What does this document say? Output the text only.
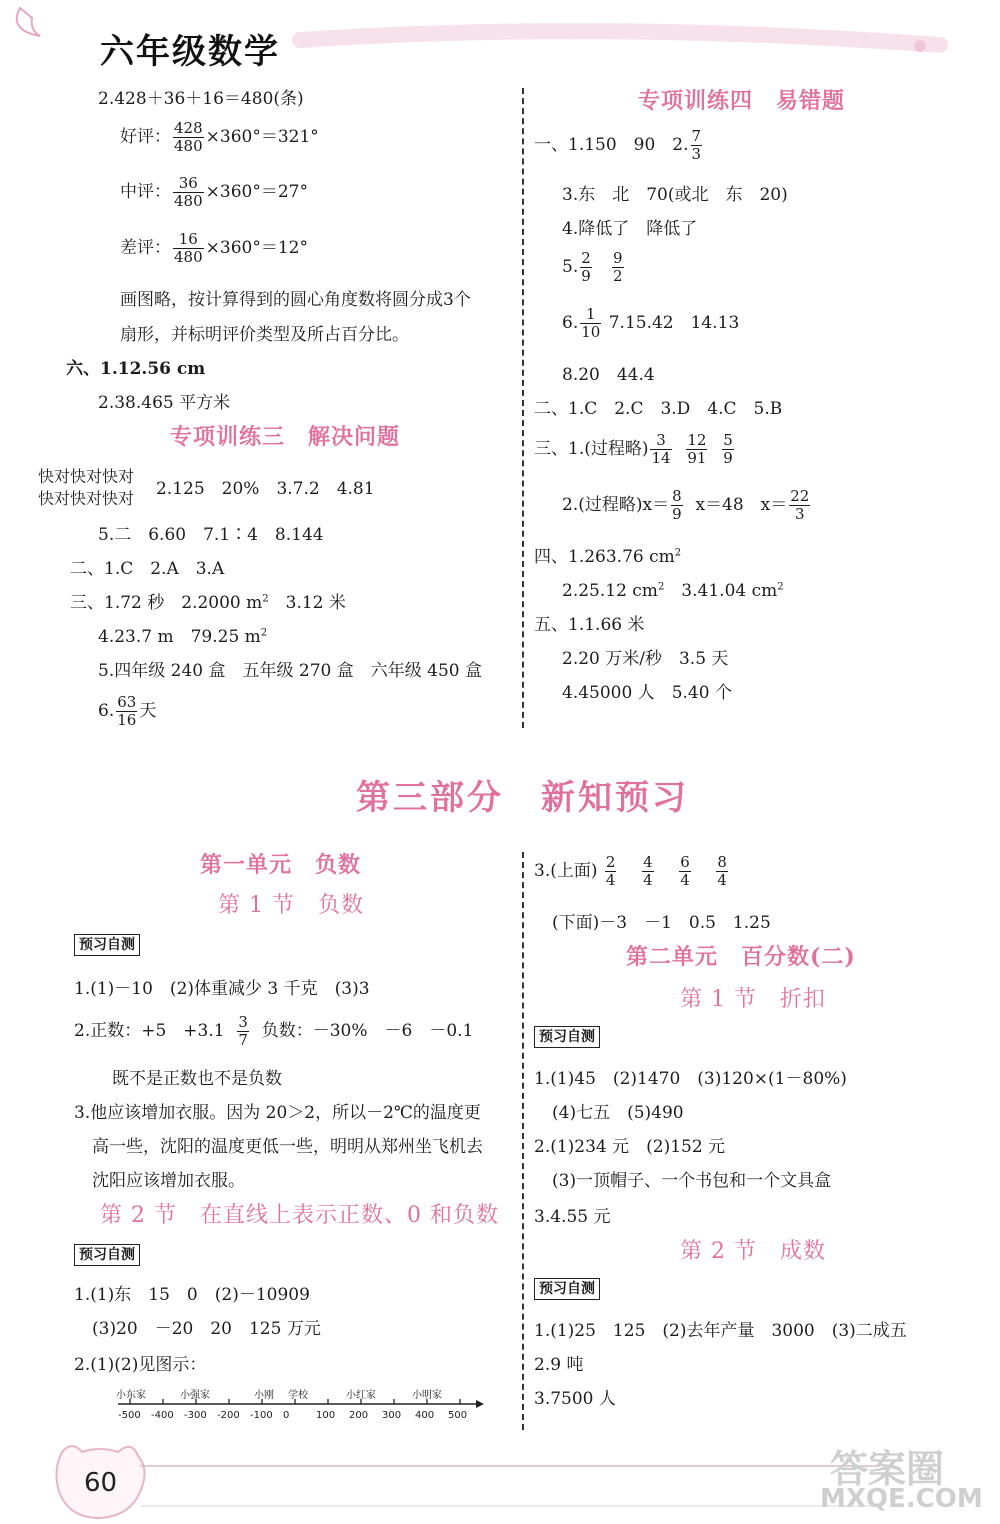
六年级数学
2.428＋36＋16＝480(条)
好评： $\frac{428}{480} \times 360^\circ=321^\circ$
中评： $\frac{36}{480} \times 360^\circ=27^\circ$
差评： $\frac{16}{480} \times 360^\circ=12^\circ$
画图略，按计算得到的圆心角度数将圆分成3个
扇形，并标明评价类型及所占百分比。
六、1.12.56 cm
2.38.465 平方米
专项训练三　解决问题
快对快对快对
快对快对快对 2.125　20%　3.7.2　4.81
5.二　6.60　7.1∶4　8.144
二、1.C　2.A　3.A
三、1.72 秒　2.2000 $m^2$　3.12 米
4.23.7 m　79.25 $m^2$
5.四年级 240 盒　五年级 270 盒　六年级 450 盒
6. $\frac{63}{16}$ 天
专项训练四　易错题
一、1.150　90　2. $\frac{7}{3}$
3.东　北　70(或北　东　20)
4.降低了　降低了
5. $\frac{2}{9}$
$\frac{9}{2}$
6. $\frac{1}{10} 7.15.42$　14.13
8.20　44.4
二、1.C　2.C　3.D　4.C　5.B
三、1.(过程略) $\frac{3}{14}$
$\frac{12}{91}$
$\frac{5}{9}$
2.(过程略)$x= \frac{8}{9} x=48$　$x= \frac{22}{3}$
四、1.263.76 $cm^2$
2.25.12 $cm^2$　3.41.04 $cm^2$
五、1.1.66 米
2.20 万米/秒　3.5 天
4.45000 人　5.40 个
第三部分　新知预习
第一单元　负数
第 1 节　负数
预习自测
1.(1)－10　(2)体重减少 3 千克　(3)3
2.正数：+5　$+3.1 \frac{3}{7}$ 负数：－30%　－6　－0.1
既不是正数也不是负数
3.他应该增加衣服。因为 20＞2，所以－2℃的温度更
高一些，沈阳的温度更低一些，明明从郑州坐飞机去
沈阳应该增加衣服。
第 2 节　在直线上表示正数、0 和负数
预习自测
1.(1)东　15　0　(2)－10909
(3)20　－20　20　125 万元
2.(1)(2)见图示：
小东家	小强家	小刚 学校	小红家	小明家
-500 -400 -300 -200 -100 0	100 200 300 400 500
3.(上面) $\frac{2}{4}$
$\frac{4}{4}$
$\frac{6}{4}$
$\frac{8}{4}$
(下面)－3　－1　0.5　1.25
第二单元　百分数(二)
第 1 节　折扣
预习自测
1.(1)45　(2)1470　(3)120×(1－80%)
(4)七五　(5)490
2.(1)234 元　(2)152 元
(3)一顶帽子、一个书包和一个文具盒
3.4.55 元
第 2 节　成数
预习自测
1.(1)25　125　(2)去年产量　3000　(3)二成五
2.9 吨
3.7500 人
60	答案圈
MXQE.COM
